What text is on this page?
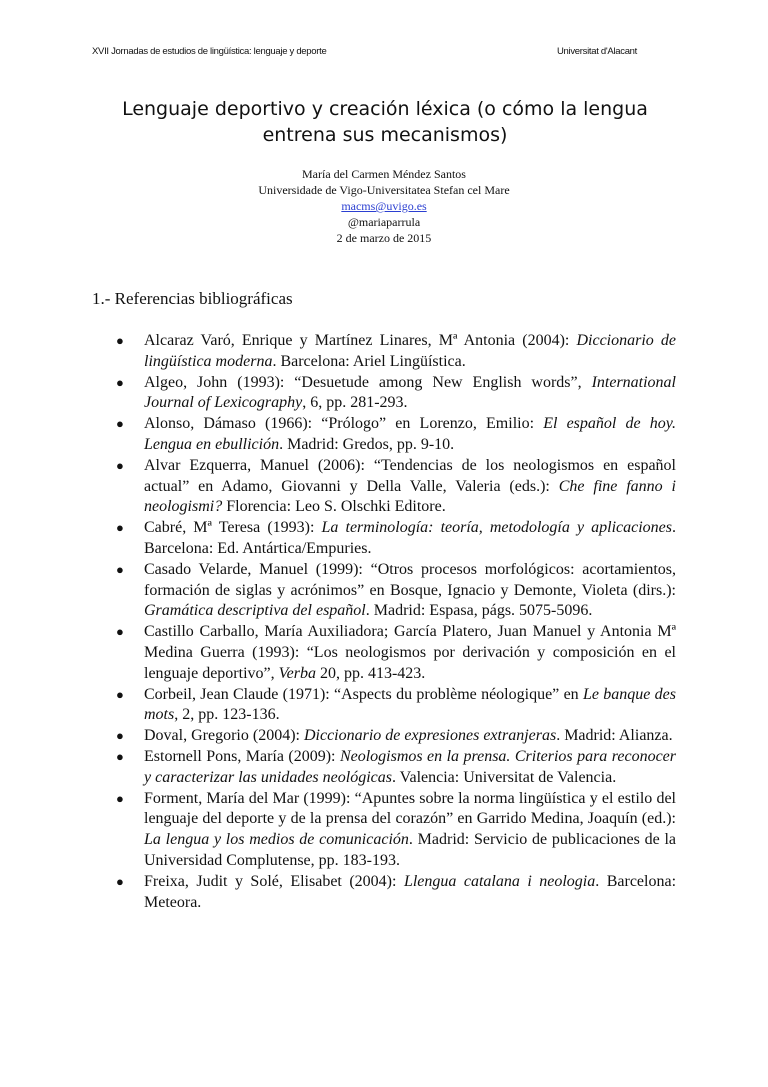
XVII Jornadas de estudios de lingüística: lenguaje y deporte	Universitat d'Alacant
Lenguaje deportivo y creación léxica (o cómo la lengua entrena sus mecanismos)
María del Carmen Méndez Santos
Universidade de Vigo-Universitatea Stefan cel Mare
macms@uvigo.es
@mariaparrula
2 de marzo de 2015
1.- Referencias bibliográficas
● Alcaraz Varó, Enrique y Martínez Linares, Mª Antonia (2004): Diccionario de lingüística moderna. Barcelona: Ariel Lingüística.
● Algeo, John (1993): “Desuetude among New English words”, International Journal of Lexicography, 6, pp. 281-293.
● Alonso, Dámaso (1966): “Prólogo” en Lorenzo, Emilio: El español de hoy. Lengua en ebullición. Madrid: Gredos, pp. 9-10.
● Alvar Ezquerra, Manuel (2006): “Tendencias de los neologismos en español actual” en Adamo, Giovanni y Della Valle, Valeria (eds.): Che fine fanno i neologismi? Florencia: Leo S. Olschki Editore.
● Cabré, Mª Teresa (1993): La terminología: teoría, metodología y aplicaciones. Barcelona: Ed. Antártica/Empuries.
● Casado Velarde, Manuel (1999): “Otros procesos morfológicos: acortamientos, formación de siglas y acrónimos” en Bosque, Ignacio y Demonte, Violeta (dirs.): Gramática descriptiva del español. Madrid: Espasa, págs. 5075-5096.
● Castillo Carballo, María Auxiliadora; García Platero, Juan Manuel y Antonia Mª Medina Guerra (1993): “Los neologismos por derivación y composición en el lenguaje deportivo”, Verba 20, pp. 413-423.
● Corbeil, Jean Claude (1971): “Aspects du problème néologique” en Le banque des mots, 2, pp. 123-136.
● Doval, Gregorio (2004): Diccionario de expresiones extranjeras. Madrid: Alianza.
● Estornell Pons, María (2009): Neologismos en la prensa. Criterios para reconocer y caracterizar las unidades neológicas. Valencia: Universitat de Valencia.
● Forment, María del Mar (1999): “Apuntes sobre la norma lingüística y el estilo del lenguaje del deporte y de la prensa del corazón” en Garrido Medina, Joaquín (ed.): La lengua y los medios de comunicación. Madrid: Servicio de publicaciones de la Universidad Complutense, pp. 183-193.
● Freixa, Judit y Solé, Elisabet (2004): Llengua catalana i neologia. Barcelona: Meteora.
